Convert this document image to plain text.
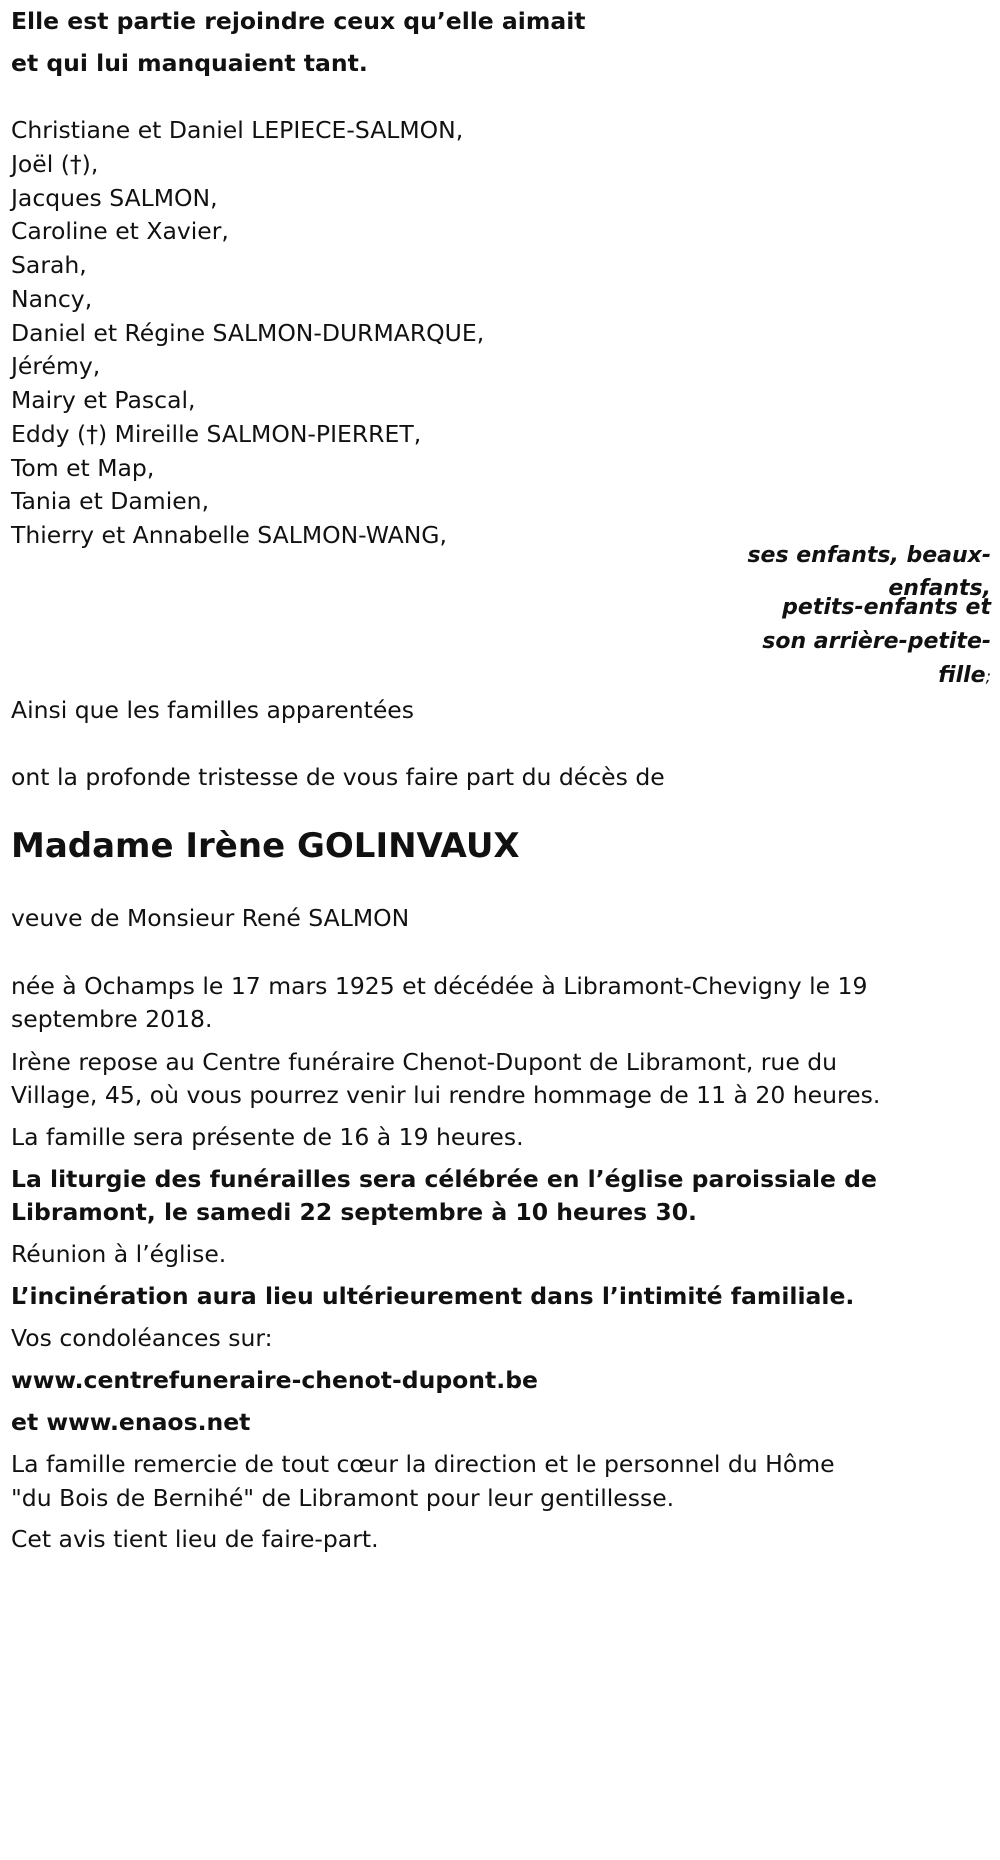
Elle est partie rejoindre ceux qu’elle aimait
et qui lui manquaient tant.
Christiane et Daniel LEPIECE-SALMON,
Joël (†),
Jacques SALMON,
Caroline et Xavier,
Sarah,
Nancy,
Daniel et Régine SALMON-DURMARQUE,
Jérémy,
Mairy et Pascal,
Eddy (†) Mireille SALMON-PIERRET,
Tom et Map,
Tania et Damien,
Thierry et Annabelle SALMON-WANG,
ses enfants, beaux-
enfants,
petits-enfants et
son arrière-petite-
fille;
Ainsi que les familles apparentées
ont la profonde tristesse de vous faire part du décès de
Madame Irène GOLINVAUX
veuve de Monsieur René SALMON
née à Ochamps le 17 mars 1925 et décédée à Libramont-Chevigny le 19
septembre 2018.
Irène repose au Centre funéraire Chenot-Dupont de Libramont, rue du
Village, 45, où vous pourrez venir lui rendre hommage de 11 à 20 heures.
La famille sera présente de 16 à 19 heures.
La liturgie des funérailles sera célébrée en l’église paroissiale de
Libramont, le samedi 22 septembre à 10 heures 30.
Réunion à l’église.
L’incinération aura lieu ultérieurement dans l’intimité familiale.
Vos condoléances sur:
www.centrefuneraire-chenot-dupont.be
et www.enaos.net
La famille remercie de tout cœur la direction et le personnel du Hôme
"du Bois de Bernihé" de Libramont pour leur gentillesse.
Cet avis tient lieu de faire-part.
